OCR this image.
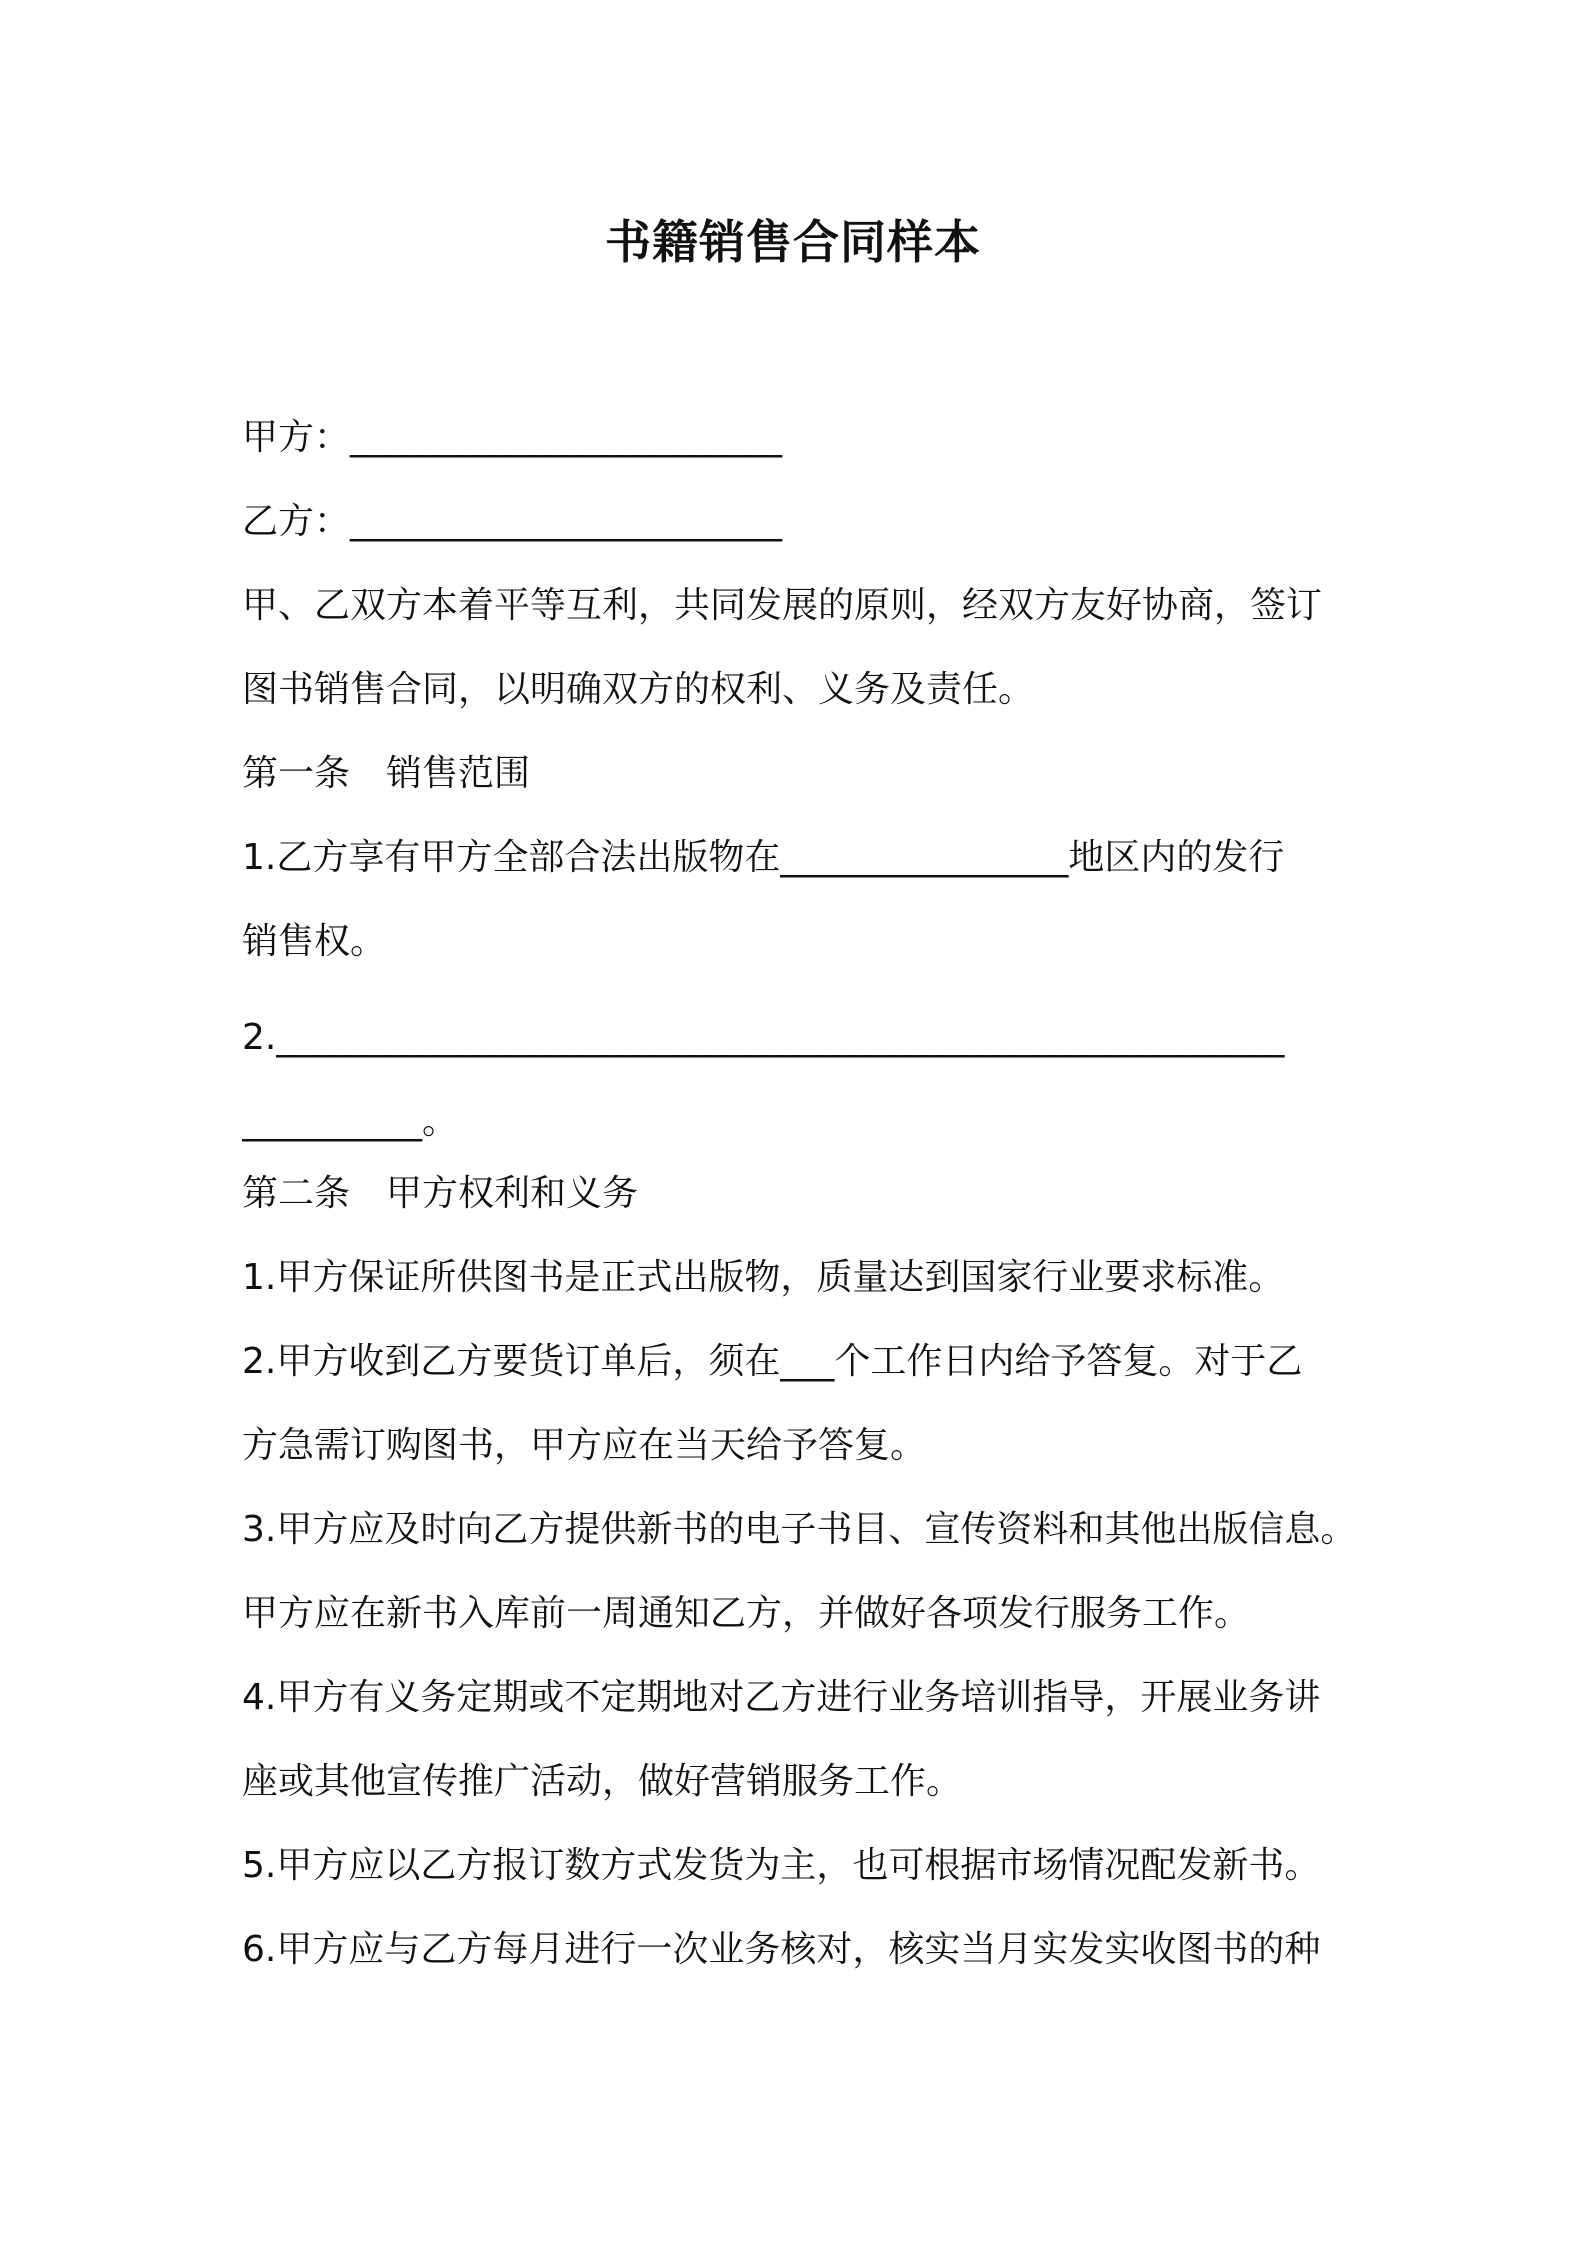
书籍销售合同样本
甲方：________________________
乙方：________________________
甲、乙双方本着平等互利，共同发展的原则，经双方友好协商，签订
图书销售合同，以明确双方的权利、义务及责任。
第一条　销售范围
1.乙方享有甲方全部合法出版物在________________地区内的发行
销售权。
2.________________________________________________________
__________。
第二条　甲方权利和义务
1.甲方保证所供图书是正式出版物，质量达到国家行业要求标准。
2.甲方收到乙方要货订单后，须在___个工作日内给予答复。对于乙
方急需订购图书，甲方应在当天给予答复。
3.甲方应及时向乙方提供新书的电子书目、宣传资料和其他出版信息。
甲方应在新书入库前一周通知乙方，并做好各项发行服务工作。
4.甲方有义务定期或不定期地对乙方进行业务培训指导，开展业务讲
座或其他宣传推广活动，做好营销服务工作。
5.甲方应以乙方报订数方式发货为主，也可根据市场情况配发新书。
6.甲方应与乙方每月进行一次业务核对，核实当月实发实收图书的种
